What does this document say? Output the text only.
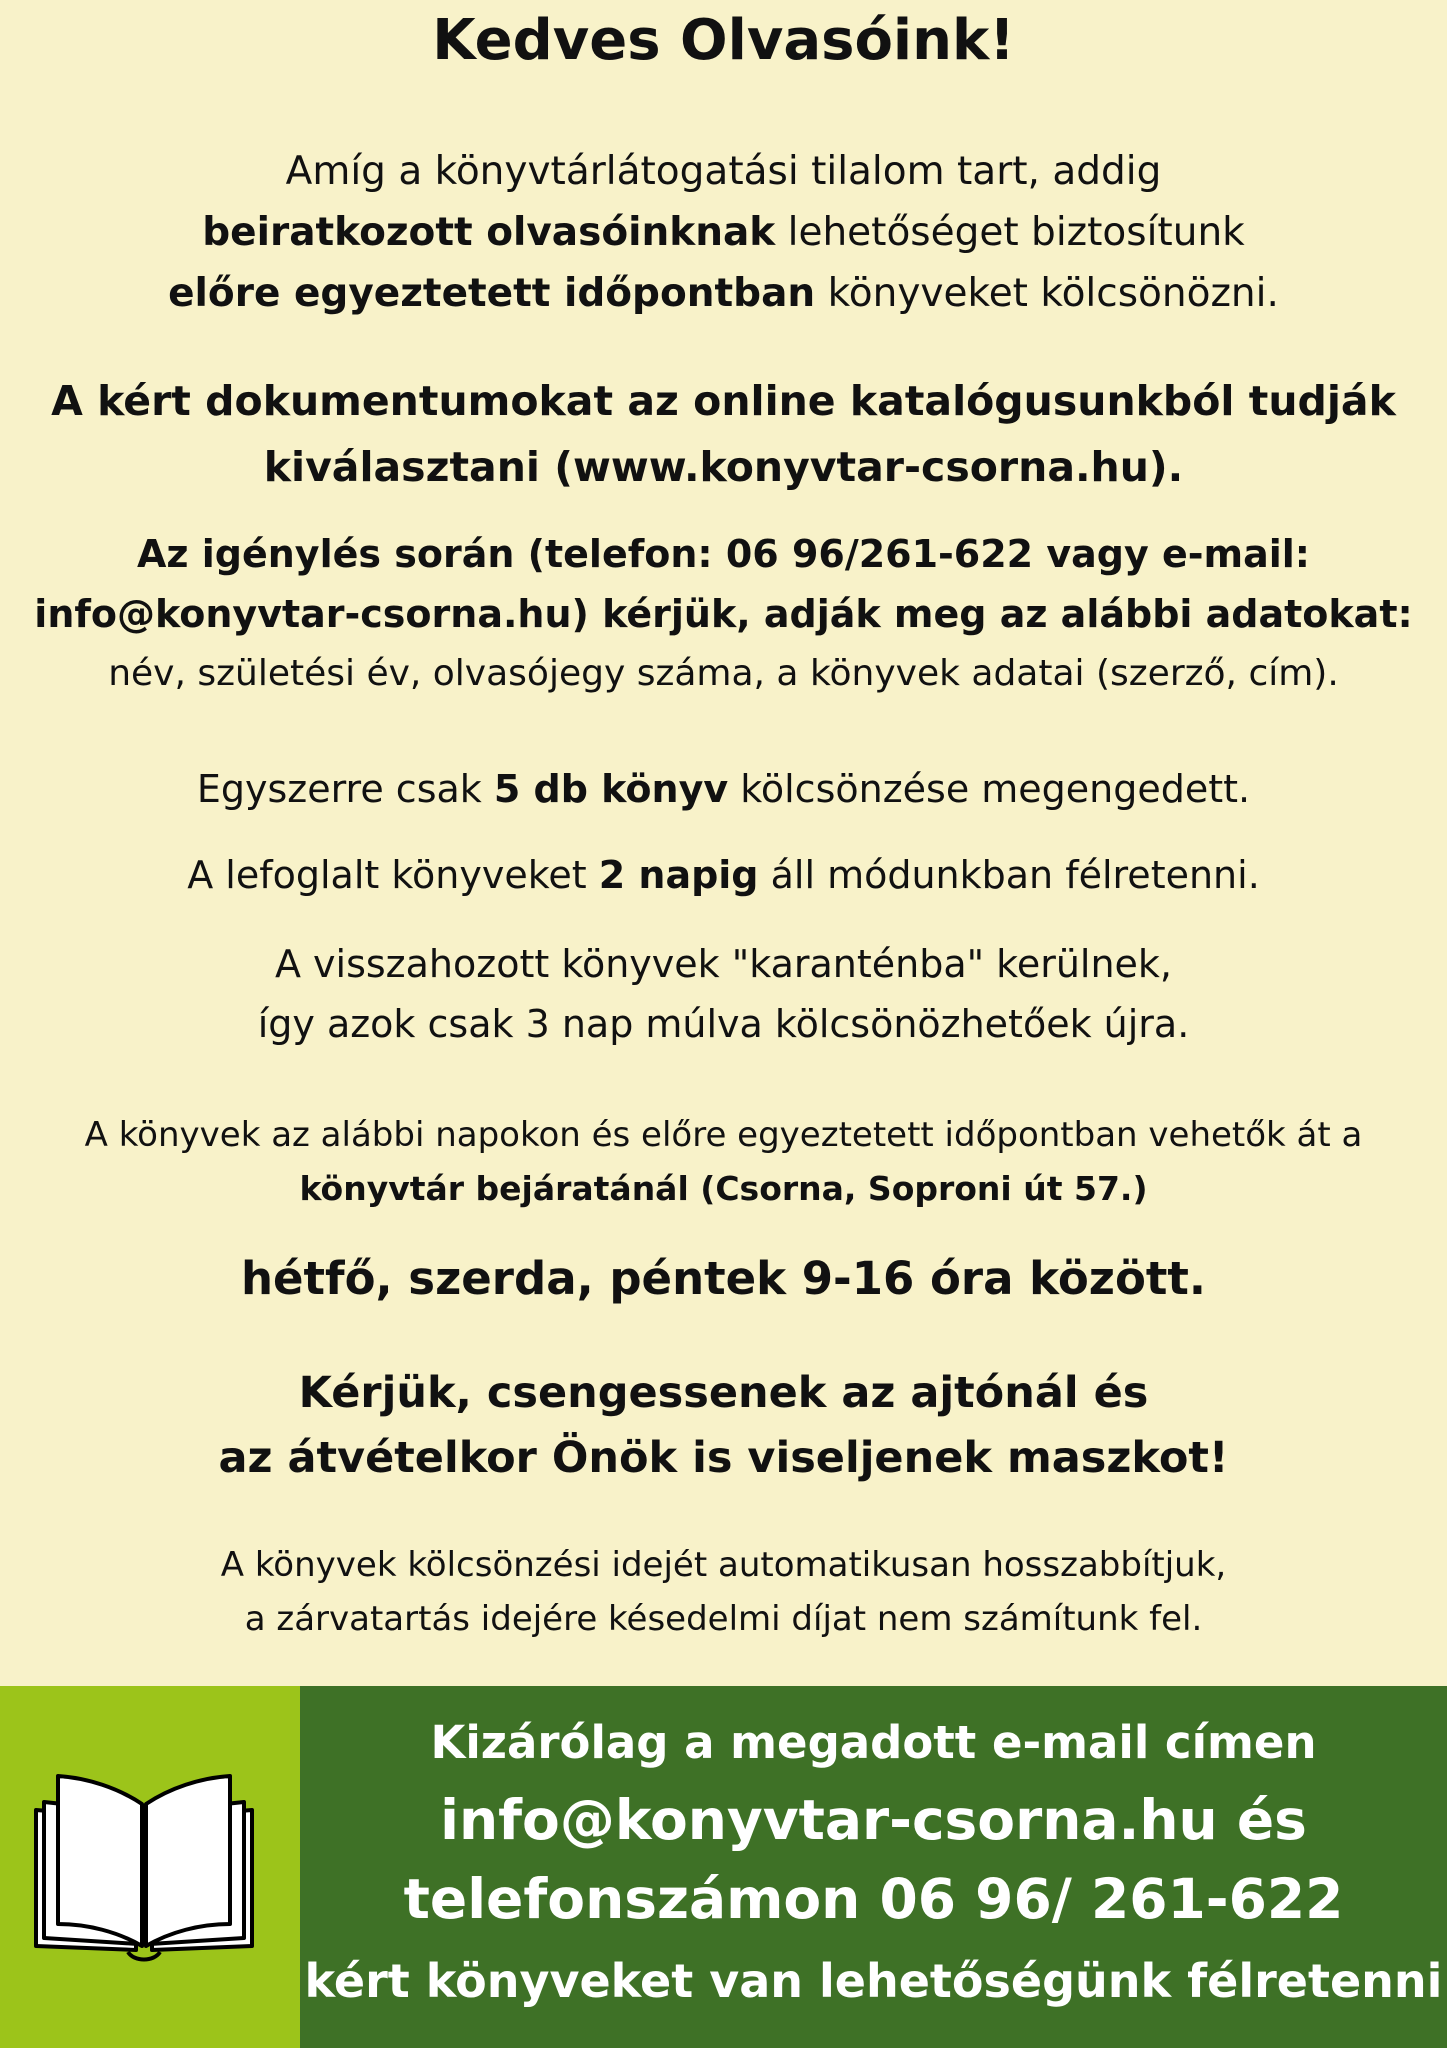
Kedves Olvasóink!
Amíg a könyvtárlátogatási tilalom tart, addig
beiratkozott olvasóinknak lehetőséget biztosítunk
előre egyeztetett időpontban könyveket kölcsönözni.
A kért dokumentumokat az online katalógusunkból tudják
kiválasztani (www.konyvtar-csorna.hu).
Az igénylés során (telefon: 06 96/261-622 vagy e-mail:
info@konyvtar-csorna.hu) kérjük, adják meg az alábbi adatokat:
név, születési év, olvasójegy száma, a könyvek adatai (szerző, cím).
Egyszerre csak 5 db könyv kölcsönzése megengedett.
A lefoglalt könyveket 2 napig áll módunkban félretenni.
A visszahozott könyvek "karanténba" kerülnek,
így azok csak 3 nap múlva kölcsönözhetőek újra.
A könyvek az alábbi napokon és előre egyeztetett időpontban vehetők át a
könyvtár bejáratánál (Csorna, Soproni út 57.)
hétfő, szerda, péntek 9-16 óra között.
Kérjük, csengessenek az ajtónál és
az átvételkor Önök is viseljenek maszkot!
A könyvek kölcsönzési idejét automatikusan hosszabbítjuk,
a zárvatartás idejére késedelmi díjat nem számítunk fel.
Kizárólag a megadott e-mail címen
info@konyvtar-csorna.hu és
telefonszámon 06 96/ 261-622
kért könyveket van lehetőségünk félretenni
